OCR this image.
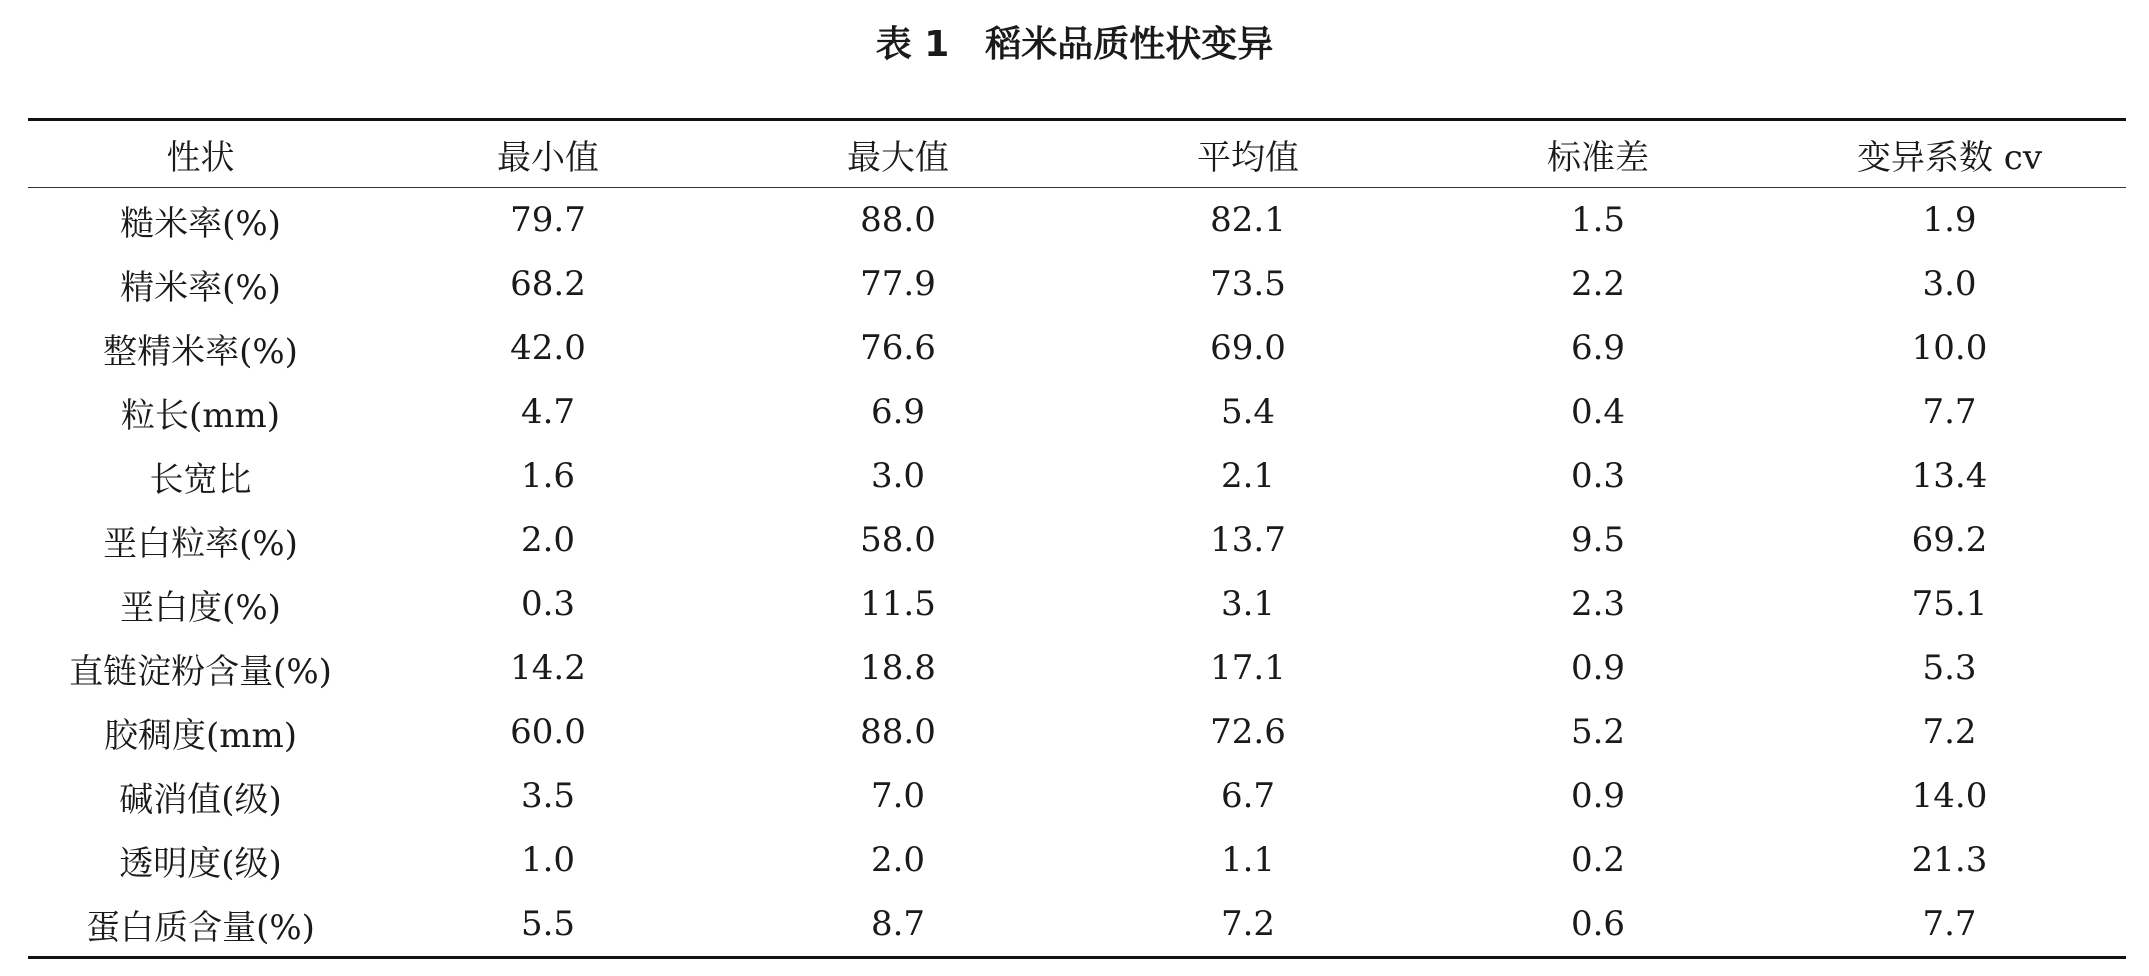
表 1　稻米品质性状变异
性状	最小值	最大值	平均值	标准差	变异系数 cv
糙米率(%)	79.7	88.0	82.1	1.5	1.9
精米率(%)	68.2	77.9	73.5	2.2	3.0
整精米率(%)	42.0	76.6	69.0	6.9	10.0
粒长(mm)	4.7	6.9	5.4	0.4	7.7
长宽比	1.6	3.0	2.1	0.3	13.4
垩白粒率(%)	2.0	58.0	13.7	9.5	69.2
垩白度(%)	0.3	11.5	3.1	2.3	75.1
直链淀粉含量(%)	14.2	18.8	17.1	0.9	5.3
胶稠度(mm)	60.0	88.0	72.6	5.2	7.2
碱消值(级)	3.5	7.0	6.7	0.9	14.0
透明度(级)	1.0	2.0	1.1	0.2	21.3
蛋白质含量(%)	5.5	8.7	7.2	0.6	7.7
